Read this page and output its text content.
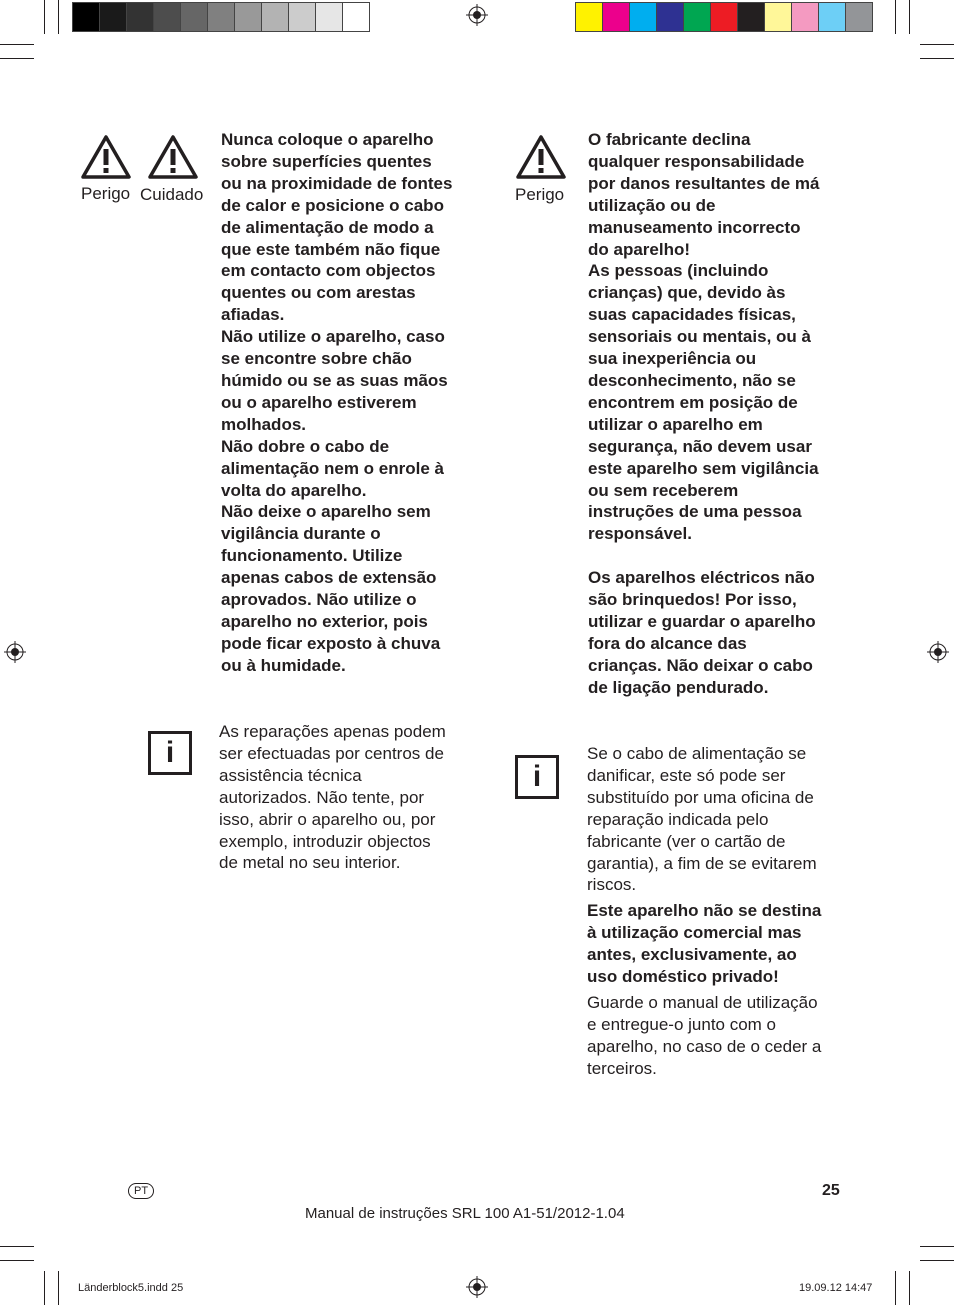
Perigo Cuidado
Nunca coloque o aparelho
sobre superfícies quentes
ou na proximidade de fontes
de calor e posicione o cabo
de alimentação de modo a
que este também não fique
em contacto com objectos
quentes ou com arestas
afiadas.
Não utilize o aparelho, caso
se encontre sobre chão
húmido ou se as suas mãos
ou o aparelho estiverem
molhados.
Não dobre o cabo de
alimentação nem o enrole à
volta do aparelho.
Não deixe o aparelho sem
vigilância durante o
funcionamento. Utilize
apenas cabos de extensão
aprovados. Não utilize o
aparelho no exterior, pois
pode ficar exposto à chuva
ou à humidade.
i
As reparações apenas podem
ser efectuadas por centros de
assistência técnica
autorizados. Não tente, por
isso, abrir o aparelho ou, por
exemplo, introduzir objectos
de metal no seu interior.
Perigo
O fabricante declina
qualquer responsabilidade
por danos resultantes de má
utilização ou de
manuseamento incorrecto
do aparelho!
As pessoas (incluindo
crianças) que, devido às
suas capacidades físicas,
sensoriais ou mentais, ou à
sua inexperiência ou
desconhecimento, não se
encontrem em posição de
utilizar o aparelho em
segurança, não devem usar
este aparelho sem vigilância
ou sem receberem
instruções de uma pessoa
responsável.

Os aparelhos eléctricos não
são brinquedos! Por isso,
utilizar e guardar o aparelho
fora do alcance das
crianças. Não deixar o cabo
de ligação pendurado.
i
Se o cabo de alimentação se
danificar, este só pode ser
substituído por uma oficina de
reparação indicada pelo
fabricante (ver o cartão de
garantia), a fim de se evitarem
riscos.
Este aparelho não se destina
à utilização comercial mas
antes, exclusivamente, ao
uso doméstico privado!
Guarde o manual de utilização
e entregue-o junto com o
aparelho, no caso de o ceder a
terceiros.
PT	25
Manual de instruções SRL 100 A1-51/2012-1.04
Länderblock5.indd 25	19.09.12 14:47
